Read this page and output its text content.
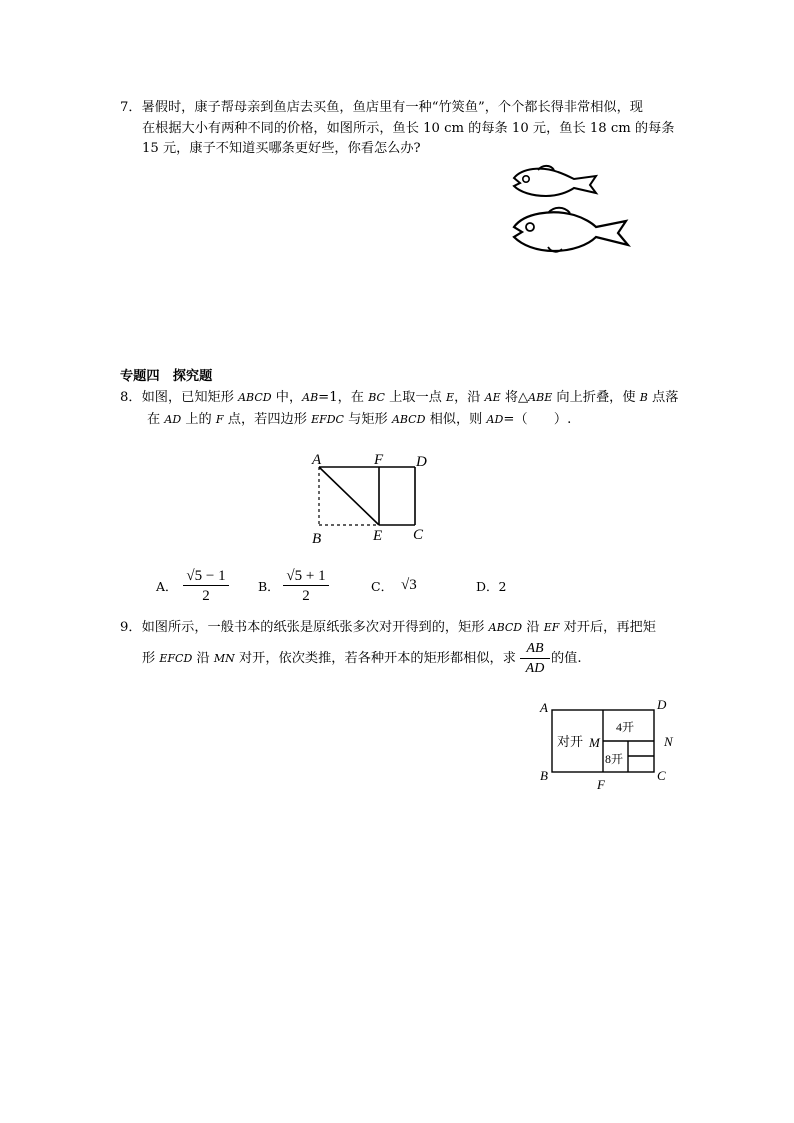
7．暑假时，康子帮母亲到鱼店去买鱼，鱼店里有一种“竹筴鱼”，个个都长得非常相似，现
在根据大小有两种不同的价格，如图所示，鱼长 10 cm 的每条 10 元，鱼长 18 cm 的每条
15 元，康子不知道买哪条更好些，你看怎么办?
专题四　探究题
8．如图，已知矩形 ABCD 中，AB=1，在 BC 上取一点 E，沿 AE 将△ABE 向上折叠，使 B 点落
在 AD 上的 F 点，若四边形 EFDC 与矩形 ABCD 相似，则 AD=（　　）.
A	F D
B	E C
A． $\frac{√5 - 1}{2}$ B． $\frac{√5 + 1}{2}$	C． √3	D．2
9．如图所示，一般书本的纸张是原纸张多次对开得到的，矩形 ABCD 沿 EF 对开后，再把矩
形 EFCD 沿 MN 对开，依次类推，若各种开本的矩形都相似，求 $\frac{AB}{AD}$ 的值.
A	D
B	C
F
N
M
对开
4开
8开
